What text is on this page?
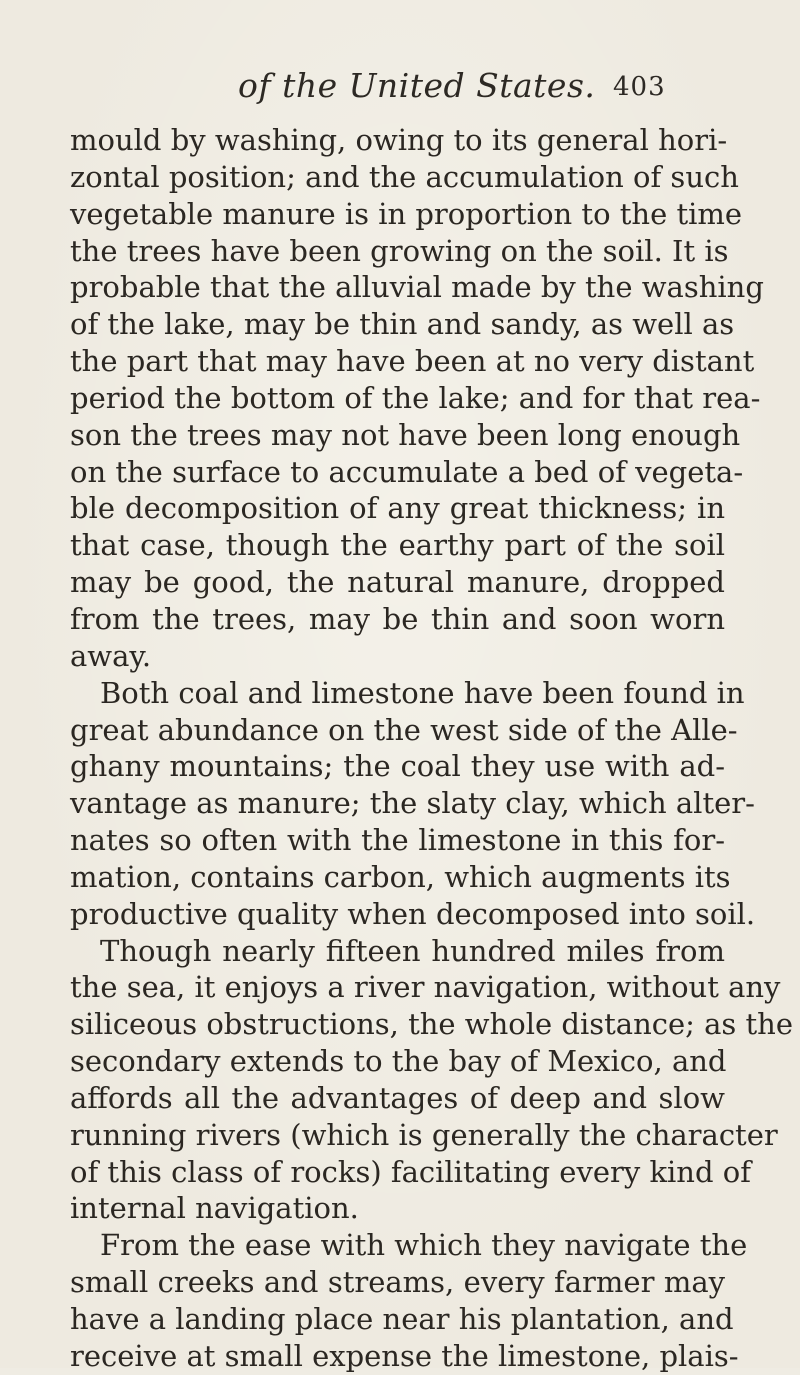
of the United States. 403
mould by washing, owing to its general hori-
zontal position; and the accumulation of such
vegetable manure is in proportion to the time
the trees have been growing on the soil. It is
probable that the alluvial made by the washing
of the lake, may be thin and sandy, as well as
the part that may have been at no very distant
period the bottom of the lake; and for that rea-
son the trees may not have been long enough
on the surface to accumulate a bed of vegeta-
ble decomposition of any great thickness; in
that case, though the earthy part of the soil
may be good, the natural manure, dropped
from the trees, may be thin and soon worn
away.
Both coal and limestone have been found in
great abundance on the west side of the Alle-
ghany mountains; the coal they use with ad-
vantage as manure; the slaty clay, which alter-
nates so often with the limestone in this for-
mation, contains carbon, which augments its
productive quality when decomposed into soil.
Though nearly fifteen hundred miles from
the sea, it enjoys a river navigation, without any
siliceous obstructions, the whole distance; as the
secondary extends to the bay of Mexico, and
affords all the advantages of deep and slow
running rivers (which is generally the character
of this class of rocks) facilitating every kind of
internal navigation.
From the ease with which they navigate the
small creeks and streams, every farmer may
have a landing place near his plantation, and
receive at small expense the limestone, plais-
